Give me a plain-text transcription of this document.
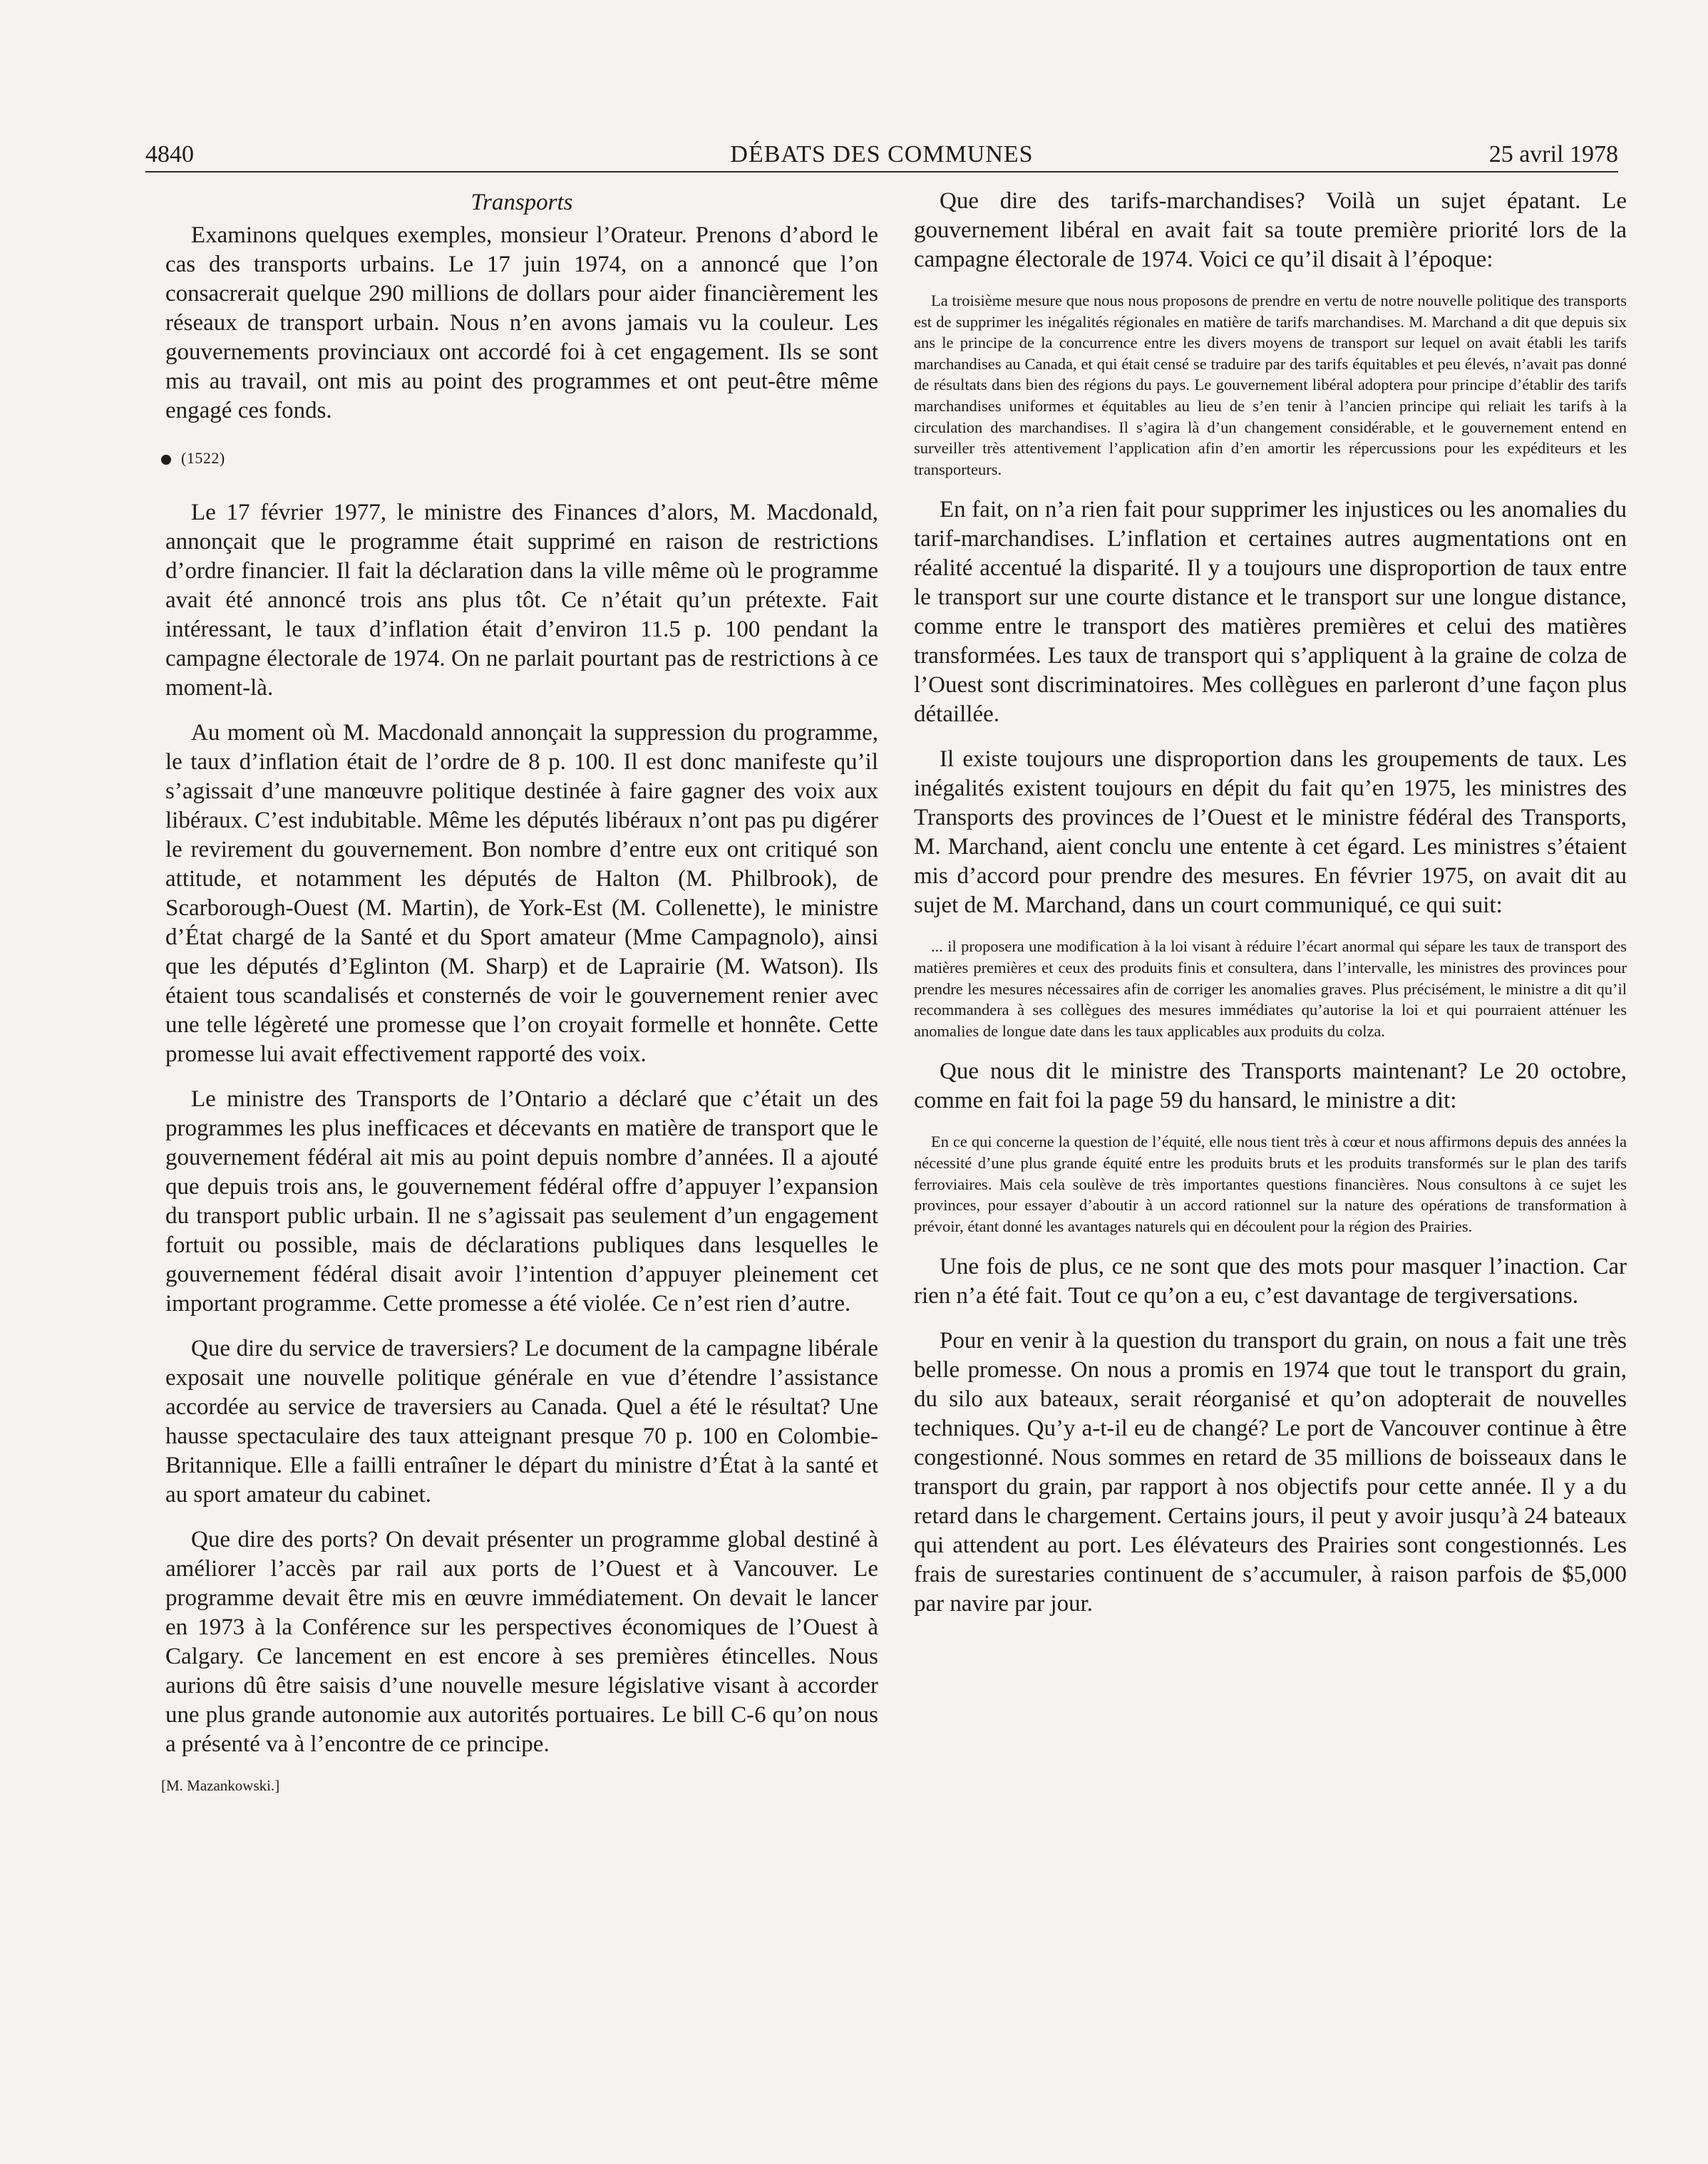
4840	DÉBATS DES COMMUNES	25 avril 1978
Transports

Examinons quelques exemples, monsieur l’Orateur. Prenons d’abord le cas des transports urbains. Le 17 juin 1974, on a annoncé que l’on consacrerait quelque 290 millions de dollars pour aider financièrement les réseaux de transport urbain. Nous n’en avons jamais vu la couleur. Les gouvernements provinciaux ont accordé foi à cet engagement. Ils se sont mis au travail, ont mis au point des programmes et ont peut-être même engagé ces fonds.

(1522)

Le 17 février 1977, le ministre des Finances d’alors, M. Macdonald, annonçait que le programme était supprimé en raison de restrictions d’ordre financier. Il fait la déclaration dans la ville même où le programme avait été annoncé trois ans plus tôt. Ce n’était qu’un prétexte. Fait intéressant, le taux d’inflation était d’environ 11.5 p. 100 pendant la campagne électorale de 1974. On ne parlait pourtant pas de restrictions à ce moment-là.

Au moment où M. Macdonald annonçait la suppression du programme, le taux d’inflation était de l’ordre de 8 p. 100. Il est donc manifeste qu’il s’agissait d’une manœuvre politique destinée à faire gagner des voix aux libéraux. C’est indubitable. Même les députés libéraux n’ont pas pu digérer le revirement du gouvernement. Bon nombre d’entre eux ont critiqué son attitude, et notamment les députés de Halton (M. Philbrook), de Scarborough-Ouest (M. Martin), de York-Est (M. Collenette), le ministre d’État chargé de la Santé et du Sport amateur (Mme Campagnolo), ainsi que les députés d’Eglinton (M. Sharp) et de Laprairie (M. Watson). Ils étaient tous scandalisés et consternés de voir le gouvernement renier avec une telle légèreté une promesse que l’on croyait formelle et honnête. Cette promesse lui avait effectivement rapporté des voix.

Le ministre des Transports de l’Ontario a déclaré que c’était un des programmes les plus inefficaces et décevants en matière de transport que le gouvernement fédéral ait mis au point depuis nombre d’années. Il a ajouté que depuis trois ans, le gouvernement fédéral offre d’appuyer l’expansion du transport public urbain. Il ne s’agissait pas seulement d’un engagement fortuit ou possible, mais de déclarations publiques dans lesquelles le gouvernement fédéral disait avoir l’intention d’appuyer pleinement cet important programme. Cette promesse a été violée. Ce n’est rien d’autre.

Que dire du service de traversiers? Le document de la campagne libérale exposait une nouvelle politique générale en vue d’étendre l’assistance accordée au service de traversiers au Canada. Quel a été le résultat? Une hausse spectaculaire des taux atteignant presque 70 p. 100 en Colombie-Britannique. Elle a failli entraîner le départ du ministre d’État à la santé et au sport amateur du cabinet.

Que dire des ports? On devait présenter un programme global destiné à améliorer l’accès par rail aux ports de l’Ouest et à Vancouver. Le programme devait être mis en œuvre immédiatement. On devait le lancer en 1973 à la Conférence sur les perspectives économiques de l’Ouest à Calgary. Ce lancement en est encore à ses premières étincelles. Nous aurions dû être saisis d’une nouvelle mesure législative visant à accorder une plus grande autonomie aux autorités portuaires. Le bill C-6 qu’on nous a présenté va à l’encontre de ce principe.

[M. Mazankowski.]

Que dire des tarifs-marchandises? Voilà un sujet épatant. Le gouvernement libéral en avait fait sa toute première priorité lors de la campagne électorale de 1974. Voici ce qu’il disait à l’époque:

La troisième mesure que nous nous proposons de prendre en vertu de notre nouvelle politique des transports est de supprimer les inégalités régionales en matière de tarifs marchandises. M. Marchand a dit que depuis six ans le principe de la concurrence entre les divers moyens de transport sur lequel on avait établi les tarifs marchandises au Canada, et qui était censé se traduire par des tarifs équitables et peu élevés, n’avait pas donné de résultats dans bien des régions du pays. Le gouvernement libéral adoptera pour principe d’établir des tarifs marchandises uniformes et équitables au lieu de s’en tenir à l’ancien principe qui reliait les tarifs à la circulation des marchandises. Il s’agira là d’un changement considérable, et le gouvernement entend en surveiller très attentivement l’application afin d’en amortir les répercussions pour les expéditeurs et les transporteurs.

En fait, on n’a rien fait pour supprimer les injustices ou les anomalies du tarif-marchandises. L’inflation et certaines autres augmentations ont en réalité accentué la disparité. Il y a toujours une disproportion de taux entre le transport sur une courte distance et le transport sur une longue distance, comme entre le transport des matières premières et celui des matières transformées. Les taux de transport qui s’appliquent à la graine de colza de l’Ouest sont discriminatoires. Mes collègues en parleront d’une façon plus détaillée.

Il existe toujours une disproportion dans les groupements de taux. Les inégalités existent toujours en dépit du fait qu’en 1975, les ministres des Transports des provinces de l’Ouest et le ministre fédéral des Transports, M. Marchand, aient conclu une entente à cet égard. Les ministres s’étaient mis d’accord pour prendre des mesures. En février 1975, on avait dit au sujet de M. Marchand, dans un court communiqué, ce qui suit:

... il proposera une modification à la loi visant à réduire l’écart anormal qui sépare les taux de transport des matières premières et ceux des produits finis et consultera, dans l’intervalle, les ministres des provinces pour prendre les mesures nécessaires afin de corriger les anomalies graves. Plus précisément, le ministre a dit qu’il recommandera à ses collègues des mesures immédiates qu’autorise la loi et qui pourraient atténuer les anomalies de longue date dans les taux applicables aux produits du colza.

Que nous dit le ministre des Transports maintenant? Le 20 octobre, comme en fait foi la page 59 du hansard, le ministre a dit:

En ce qui concerne la question de l’équité, elle nous tient très à cœur et nous affirmons depuis des années la nécessité d’une plus grande équité entre les produits bruts et les produits transformés sur le plan des tarifs ferroviaires. Mais cela soulève de très importantes questions financières. Nous consultons à ce sujet les provinces, pour essayer d’aboutir à un accord rationnel sur la nature des opérations de transformation à prévoir, étant donné les avantages naturels qui en découlent pour la région des Prairies.

Une fois de plus, ce ne sont que des mots pour masquer l’inaction. Car rien n’a été fait. Tout ce qu’on a eu, c’est davantage de tergiversations.

Pour en venir à la question du transport du grain, on nous a fait une très belle promesse. On nous a promis en 1974 que tout le transport du grain, du silo aux bateaux, serait réorganisé et qu’on adopterait de nouvelles techniques. Qu’y a-t-il eu de changé? Le port de Vancouver continue à être congestionné. Nous sommes en retard de 35 millions de boisseaux dans le transport du grain, par rapport à nos objectifs pour cette année. Il y a du retard dans le chargement. Certains jours, il peut y avoir jusqu’à 24 bateaux qui attendent au port. Les élévateurs des Prairies sont congestionnés. Les frais de surestaries continuent de s’accumuler, à raison parfois de $5,000 par navire par jour.
